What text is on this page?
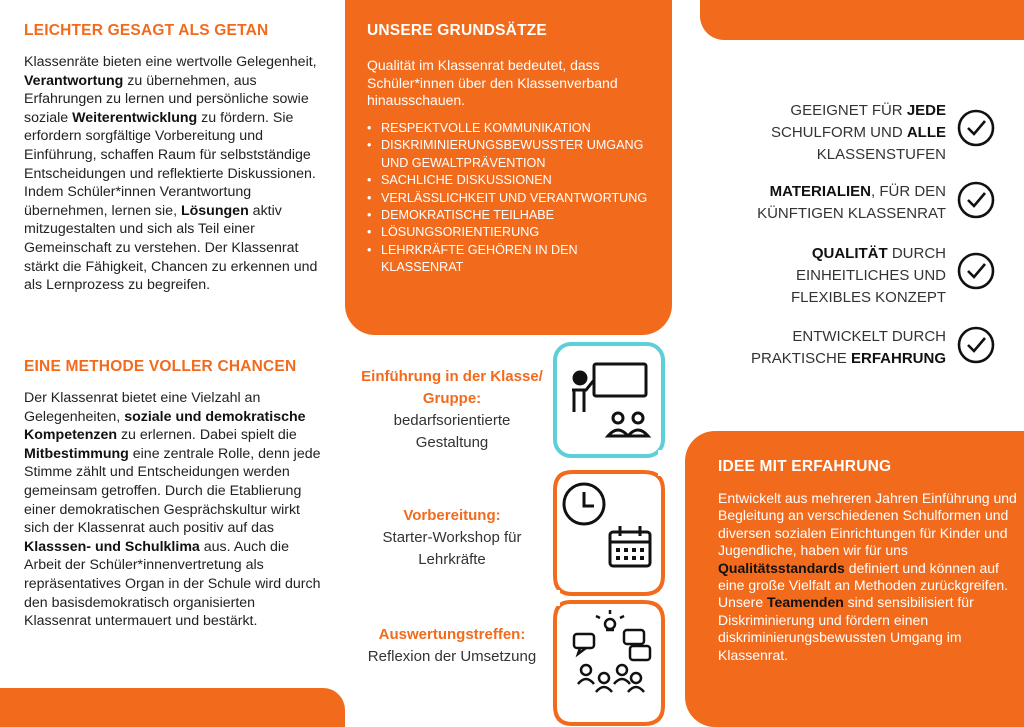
LEICHTER GESAGT ALS GETAN
Klassenräte bieten eine wertvolle Gelegenheit, Verantwortung zu übernehmen, aus Erfahrungen zu lernen und persönliche sowie soziale Weiterentwicklung zu fördern. Sie erfordern sorgfältige Vorbereitung und Einführung, schaffen Raum für selbstständige Entscheidungen und reflektierte Diskussionen. Indem Schüler*innen Verantwortung übernehmen, lernen sie, Lösungen aktiv mitzugestalten und sich als Teil einer Gemeinschaft zu verstehen. Der Klassenrat stärkt die Fähigkeit, Chancen zu erkennen und als Lernprozess zu begreifen.
EINE METHODE VOLLER CHANCEN
Der Klassenrat bietet eine Vielzahl an Gelegenheiten, soziale und demokratische Kompetenzen zu erlernen. Dabei spielt die Mitbestimmung eine zentrale Rolle, denn jede Stimme zählt und Entscheidungen werden gemeinsam getroffen. Durch die Etablierung einer demokratischen Gesprächskultur wirkt sich der Klassenrat auch positiv auf das Klasssen- und Schulklima aus. Auch die Arbeit der Schüler*innenvertretung als repräsentatives Organ in der Schule wird durch den basisdemokratisch organisierten Klassenrat untermauert und bestärkt.
UNSERE GRUNDSÄTZE
Qualität im Klassenrat bedeutet, dass Schüler*innen über den Klassenverband hinausschauen.
• RESPEKTVOLLE KOMMUNIKATION
• DISKRIMINIERUNGSBEWUSSTER UMGANG UND GEWALTPRÄVENTION
• SACHLICHE DISKUSSIONEN
• VERLÄSSLICHKEIT UND VERANTWORTUNG
• DEMOKRATISCHE TEILHABE
• LÖSUNGSORIENTIERUNG
• LEHRKRÄFTE GEHÖREN IN DEN KLASSENRAT
Einführung in der Klasse/ Gruppe:
bedarfsorientierte Gestaltung
Vorbereitung:
Starter-Workshop für Lehrkräfte
Auswertungstreffen:
Reflexion der Umsetzung
GEEIGNET FÜR JEDE SCHULFORM UND ALLE KLASSENSTUFEN
MATERIALIEN, FÜR DEN KÜNFTIGEN KLASSENRAT
QUALITÄT DURCH EINHEITLICHES UND FLEXIBLES KONZEPT
ENTWICKELT DURCH PRAKTISCHE ERFAHRUNG
IDEE MIT ERFAHRUNG
Entwickelt aus mehreren Jahren Einführung und Begleitung an verschiedenen Schulformen und diversen sozialen Einrichtungen für Kinder und Jugendliche, haben wir für uns Qualitätsstandards definiert und können auf eine große Vielfalt an Methoden zurückgreifen. Unsere Teamenden sind sensibilisiert für Diskriminierung und fördern einen diskriminierungsbewussten Umgang im Klassenrat.
